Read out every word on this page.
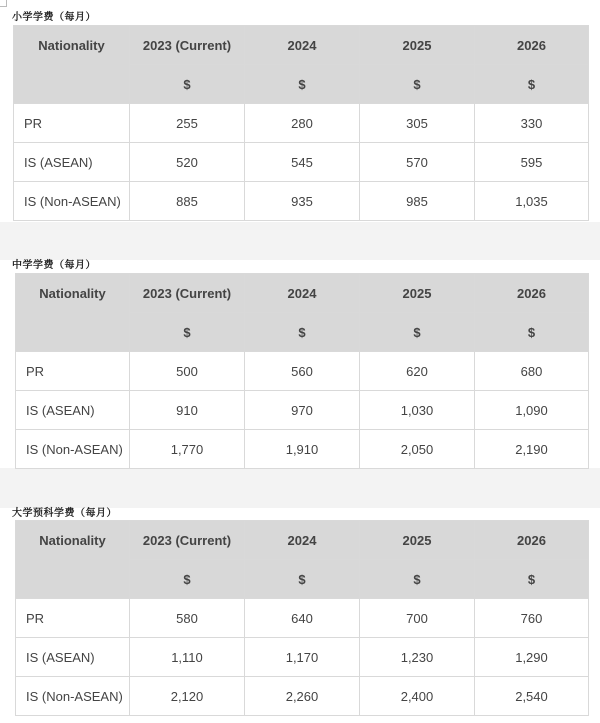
小学学费（每月）
Nationality	2023 (Current)	2024	2025	2026
	$	$	$	$
PR	255	280	305	330
IS (ASEAN)	520	545	570	595
IS (Non-ASEAN)	885	935	985	1,035
中学学费（每月）
Nationality	2023 (Current)	2024	2025	2026
	$	$	$	$
PR	500	560	620	680
IS (ASEAN)	910	970	1,030	1,090
IS (Non-ASEAN)	1,770	1,910	2,050	2,190
大学预科学费（每月）
Nationality	2023 (Current)	2024	2025	2026
	$	$	$	$
PR	580	640	700	760
IS (ASEAN)	1,110	1,170	1,230	1,290
IS (Non-ASEAN)	2,120	2,260	2,400	2,540
